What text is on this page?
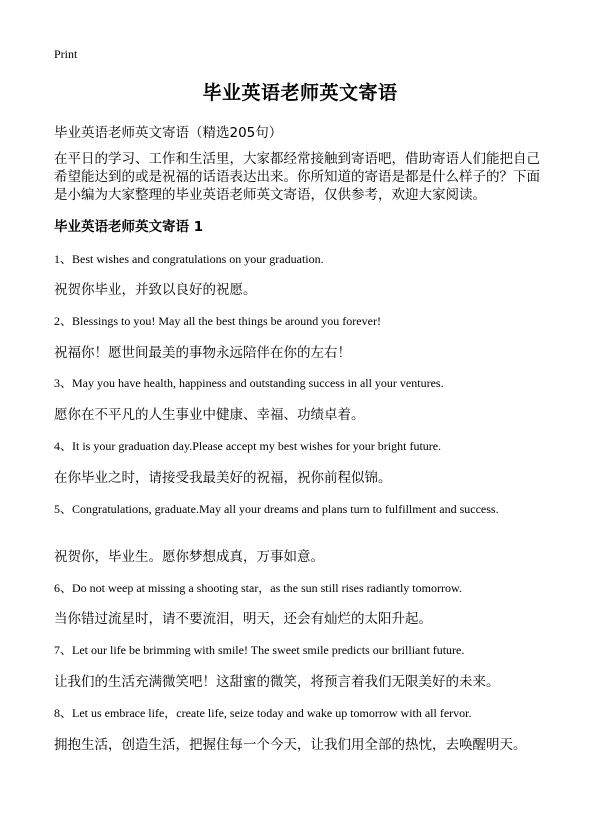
Print
毕业英语老师英文寄语
毕业英语老师英文寄语（精选205句）
在平日的学习、工作和生活里，大家都经常接触到寄语吧，借助寄语人们能把自己希望能达到的或是祝福的话语表达出来。你所知道的寄语是都是什么样子的？下面是小编为大家整理的毕业英语老师英文寄语，仅供参考，欢迎大家阅读。
毕业英语老师英文寄语 1
1、Best wishes and congratulations on your graduation.
祝贺你毕业，并致以良好的祝愿。
2、Blessings to you! May all the best things be around you forever!
祝福你！愿世间最美的事物永远陪伴在你的左右！
3、May you have health, happiness and outstanding success in all your ventures.
愿你在不平凡的人生事业中健康、幸福、功绩卓着。
4、It is your graduation day.Please accept my best wishes for your bright future.
在你毕业之时，请接受我最美好的祝福，祝你前程似锦。
5、Congratulations, graduate.May all your dreams and plans turn to fulfillment and success.
祝贺你，毕业生。愿你梦想成真，万事如意。
6、Do not weep at missing a shooting star，as the sun still rises radiantly tomorrow.
当你错过流星时，请不要流泪，明天，还会有灿烂的太阳升起。
7、Let our life be brimming with smile! The sweet smile predicts our brilliant future.
让我们的生活充满微笑吧！这甜蜜的微笑，将预言着我们无限美好的未来。
8、Let us embrace life，create life, seize today and wake up tomorrow with all fervor.
拥抱生活，创造生活，把握住每一个今天，让我们用全部的热忱，去唤醒明天。
